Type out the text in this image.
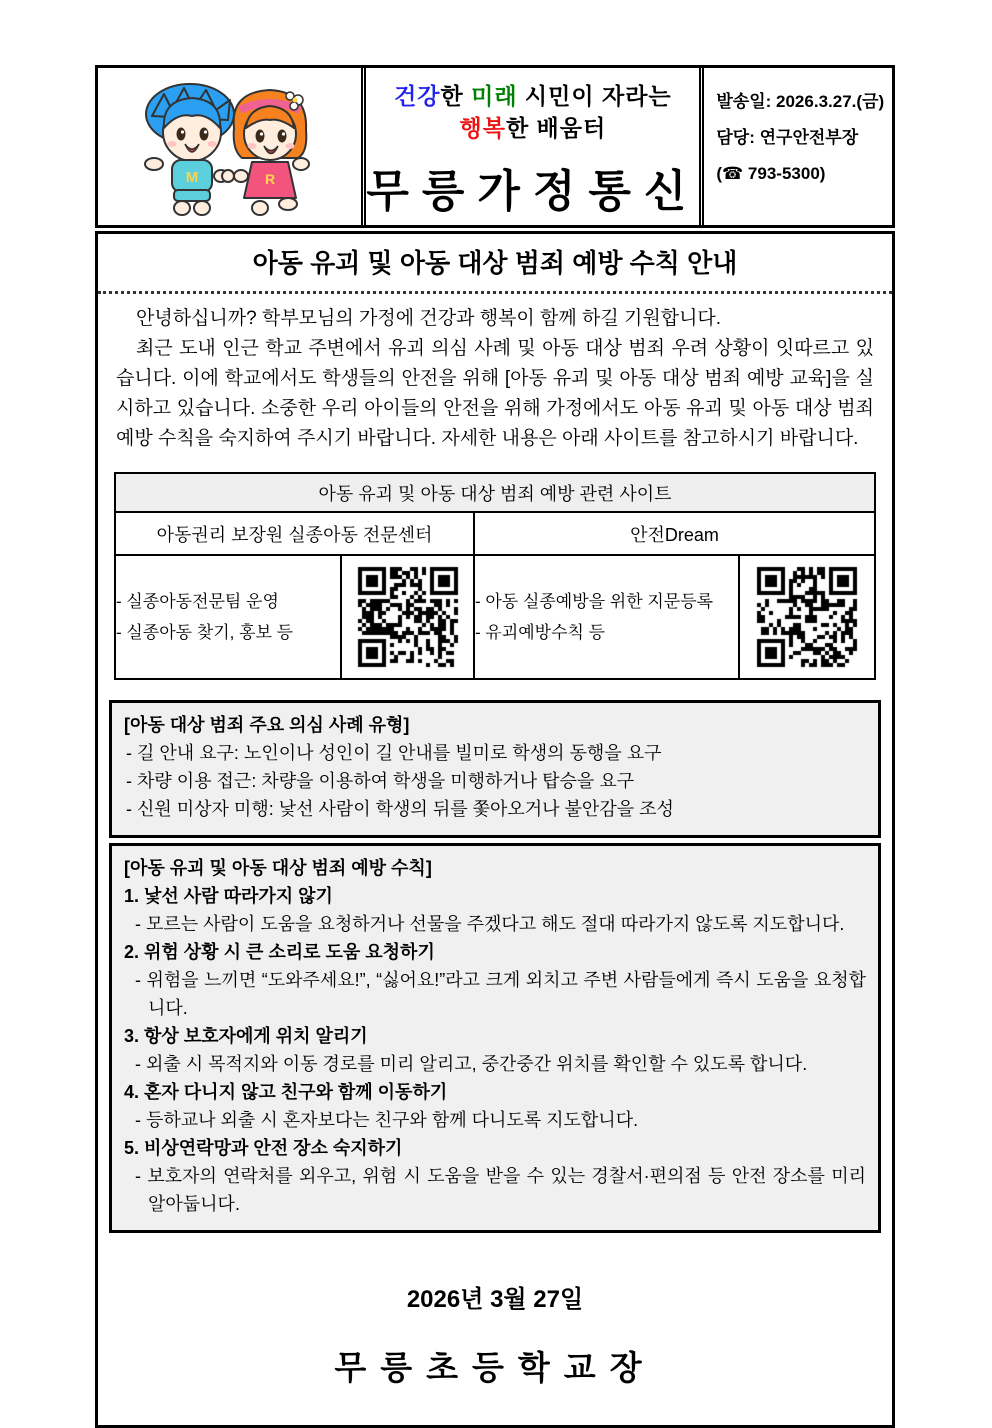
M	R
건강한 미래 시민이 자라는
행복한 배움터
무릉가정통신
발송일: 2026.3.27.(금)
담당: 연구안전부장
(☎ 793-5300)
아동 유괴 및 아동 대상 범죄 예방 수칙 안내

안녕하십니까? 학부모님의 가정에 건강과 행복이 함께 하길 기원합니다.

최근 도내 인근 학교 주변에서 유괴 의심 사례 및 아동 대상 범죄 우려 상황이 잇따르고 있습니다. 이에 학교에서도 학생들의 안전을 위해 [아동 유괴 및 아동 대상 범죄 예방 교육]을 실시하고 있습니다. 소중한 우리 아이들의 안전을 위해 가정에서도 아동 유괴 및 아동 대상 범죄 예방 수칙을 숙지하여 주시기 바랍니다. 자세한 내용은 아래 사이트를 참고하시기 바랍니다.

아동 유괴 및 아동 대상 범죄 예방 관련 사이트			
아동권리 보장원 실종아동 전문센터		안전Dream	

- 실종아동전문팀 운영
- 실종아동 찾기, 홍보 등

- 아동 실종예방을 위한 지문등록
- 유괴예방수칙 등

[아동 대상 범죄 주요 의심 사례 유형]
- 길 안내 요구: 노인이나 성인이 길 안내를 빌미로 학생의 동행을 요구
- 차량 이용 접근: 차량을 이용하여 학생을 미행하거나 탑승을 요구
- 신원 미상자 미행: 낯선 사람이 학생의 뒤를 쫓아오거나 불안감을 조성
[아동 유괴 및 아동 대상 범죄 예방 수칙]
1. 낯선 사람 따라가지 않기
- 모르는 사람이 도움을 요청하거나 선물을 주겠다고 해도 절대 따라가지 않도록 지도합니다.
2. 위험 상황 시 큰 소리로 도움 요청하기
- 위험을 느끼면 “도와주세요!”, “싫어요!”라고 크게 외치고 주변 사람들에게 즉시 도움을 요청합니다.
3. 항상 보호자에게 위치 알리기
- 외출 시 목적지와 이동 경로를 미리 알리고, 중간중간 위치를 확인할 수 있도록 합니다.
4. 혼자 다니지 않고 친구와 함께 이동하기
- 등하교나 외출 시 혼자보다는 친구와 함께 다니도록 지도합니다.
5. 비상연락망과 안전 장소 숙지하기
- 보호자의 연락처를 외우고, 위험 시 도움을 받을 수 있는 경찰서·편의점 등 안전 장소를 미리 알아둡니다.
2026년 3월 27일
무릉초등학교장
